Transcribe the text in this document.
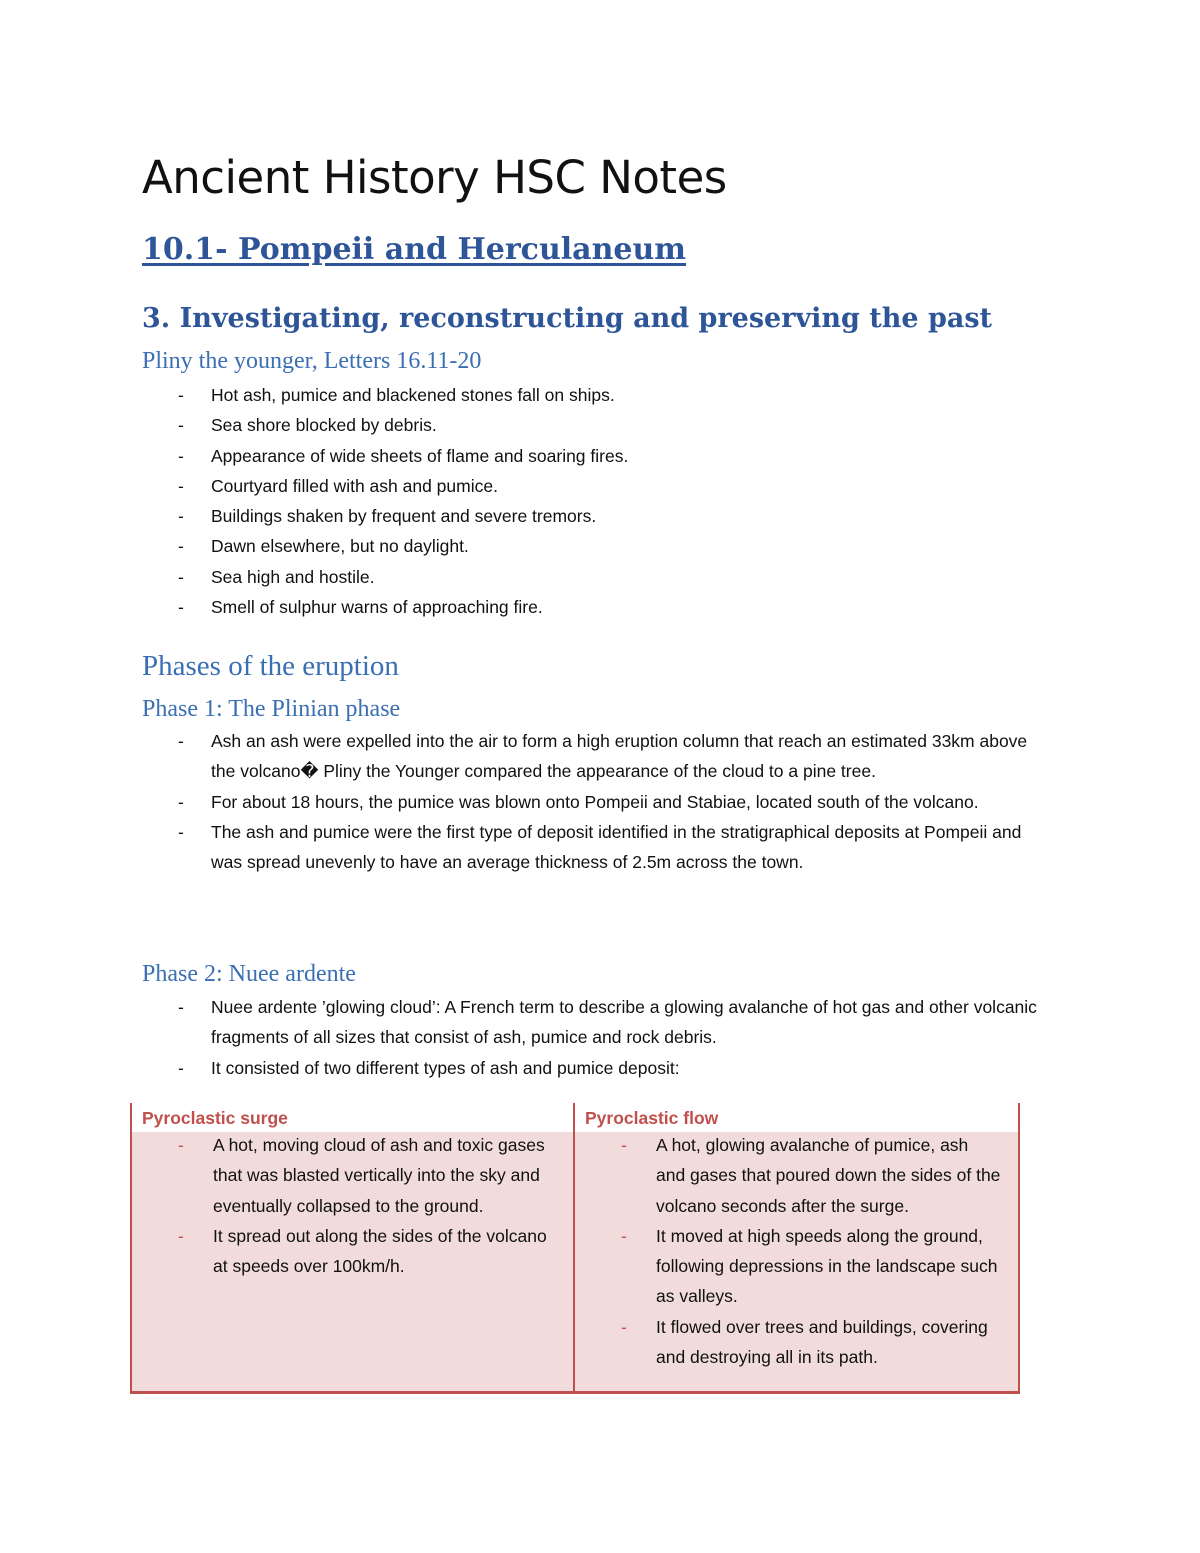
Ancient History HSC Notes
10.1- Pompeii and Herculaneum
3. Investigating, reconstructing and preserving the past
Pliny the younger, Letters 16.11-20
- Hot ash, pumice and blackened stones fall on ships.
- Sea shore blocked by debris.
- Appearance of wide sheets of flame and soaring fires.
- Courtyard filled with ash and pumice.
- Buildings shaken by frequent and severe tremors.
- Dawn elsewhere, but no daylight.
- Sea high and hostile.
- Smell of sulphur warns of approaching fire.
Phases of the eruption
Phase 1: The Plinian phase
- Ash an ash were expelled into the air to form a high eruption column that reach an estimated 33km above the volcano� Pliny the Younger compared the appearance of the cloud to a pine tree.
- For about 18 hours, the pumice was blown onto Pompeii and Stabiae, located south of the volcano.
- The ash and pumice were the first type of deposit identified in the stratigraphical deposits at Pompeii and was spread unevenly to have an average thickness of 2.5m across the town.
Phase 2: Nuee ardente
- Nuee ardente ’glowing cloud’: A French term to describe a glowing avalanche of hot gas and other volcanic fragments of all sizes that consist of ash, pumice and rock debris.
- It consisted of two different types of ash and pumice deposit:
Pyroclastic surge
- A hot, moving cloud of ash and toxic gases that was blasted vertically into the sky and eventually collapsed to the ground.
- It spread out along the sides of the volcano at speeds over 100km/h.
Pyroclastic flow
- A hot, glowing avalanche of pumice, ash and gases that poured down the sides of the volcano seconds after the surge.
- It moved at high speeds along the ground, following depressions in the landscape such as valleys.
- It flowed over trees and buildings, covering and destroying all in its path.
